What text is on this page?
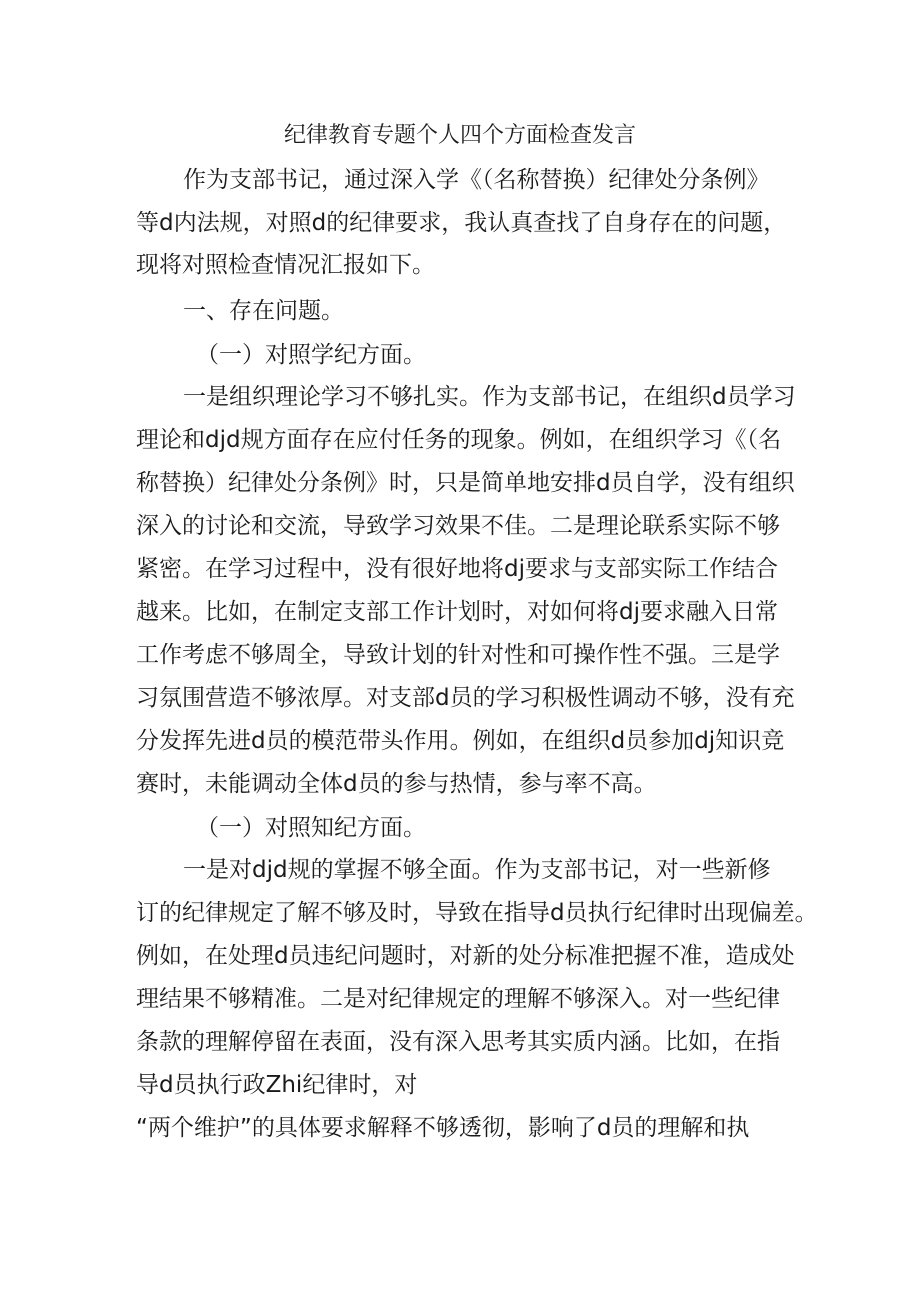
纪律教育专题个人四个方面检查发言
作为支部书记，通过深入学《（名称替换）纪律处分条例》
等d内法规，对照d的纪律要求，我认真查找了自身存在的问题，
现将对照检查情况汇报如下。
一、存在问题。
（一）对照学纪方面。
一是组织理论学习不够扎实。作为支部书记，在组织d员学习
理论和djd规方面存在应付任务的现象。例如，在组织学习《（名
称替换）纪律处分条例》时，只是简单地安排d员自学，没有组织
深入的讨论和交流，导致学习效果不佳。二是理论联系实际不够
紧密。在学习过程中，没有很好地将dj要求与支部实际工作结合
越来。比如，在制定支部工作计划时，对如何将dj要求融入日常
工作考虑不够周全，导致计划的针对性和可操作性不强。三是学
习氛围营造不够浓厚。对支部d员的学习积极性调动不够，没有充
分发挥先进d员的模范带头作用。例如，在组织d员参加dj知识竞
赛时，未能调动全体d员的参与热情，参与率不高。
（一）对照知纪方面。
一是对djd规的掌握不够全面。作为支部书记，对一些新修
订的纪律规定了解不够及时，导致在指导d员执行纪律时出现偏差。
例如，在处理d员违纪问题时，对新的处分标准把握不准，造成处
理结果不够精准。二是对纪律规定的理解不够深入。对一些纪律
条款的理解停留在表面，没有深入思考其实质内涵。比如，在指
导d员执行政Zhi纪律时，对
“两个维护”的具体要求解释不够透彻，影响了d员的理解和执
